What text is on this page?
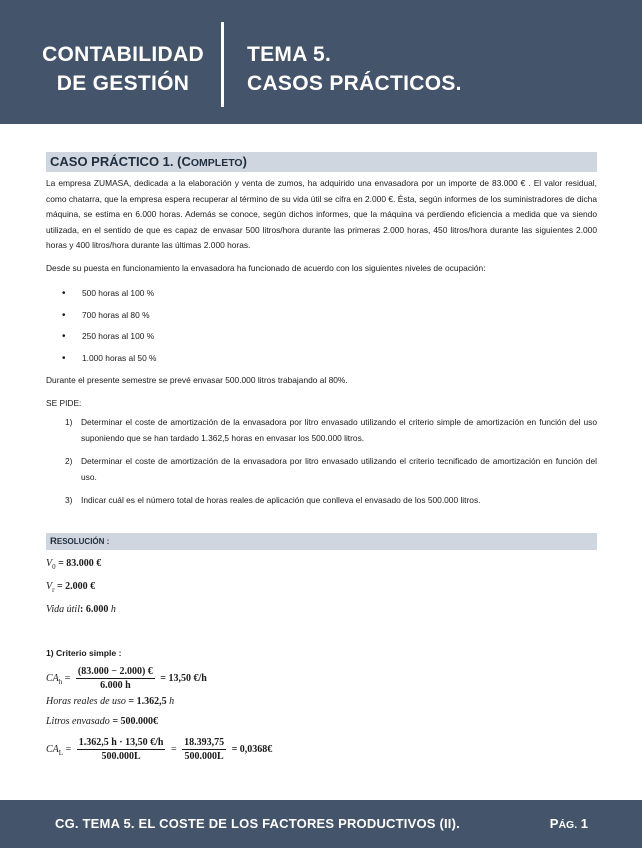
CONTABILIDAD
DE GESTIÓN
TEMA 5.
CASOS PRÁCTICOS.
CASO PRÁCTICO 1. (COMPLETO)

La empresa ZUMASA, dedicada a la elaboración y venta de zumos, ha adquirido una envasadora por un importe de 83.000 € . El valor residual, como chatarra, que la empresa espera recuperar al término de su vida útil se cifra en 2.000 €. Ésta, según informes de los suministradores de dicha máquina, se estima en 6.000 horas. Además se conoce, según dichos informes, que la máquina va perdiendo eficiencia a medida que va siendo utilizada, en el sentido de que es capaz de envasar 500 litros/hora durante las primeras 2.000 horas, 450 litros/hora durante las siguientes 2.000 horas y 400 litros/hora durante las últimas 2.000 horas.

Desde su puesta en funcionamiento la envasadora ha funcionado de acuerdo con los siguientes niveles de ocupación:

• 500 horas al 100 %
• 700 horas al 80 %
• 250 horas al 100 %
• 1.000 horas al 50 %

Durante el presente semestre se prevé envasar 500.000 litros trabajando al 80%.

SE PIDE:

1) Determinar el coste de amortización de la envasadora por litro envasado utilizando el criterio simple de amortización en función del uso suponiendo que se han tardado 1.362,5 horas en envasar los 500.000 litros.
2) Determinar el coste de amortización de la envasadora por litro envasado utilizando el criterio tecnificado de amortización en función del uso.
3) Indicar cuál es el número total de horas reales de aplicación que conlleva el envasado de los 500.000 litros.
RESOLUCIÓN :
$V_0 = 83.000$ €
$V_r = 2.000$ €
Vida útil: 6.000 h

1) Criterio simple :

$CA_h = \frac{(83.000 - 2.000) €}{6.000 h} = 13,50$ €/h
Horas reales de uso = 1.362,5 h
Litros envasado = 500.000€
$CA_L = \frac{1.362,5 h \cdot 13,50 €/h}{500.000L} = \frac{18.393,75}{500.000L}$ = 0,0368€
CG. TEMA 5. EL COSTE DE LOS FACTORES PRODUCTIVOS (II).	PÁG. 1
